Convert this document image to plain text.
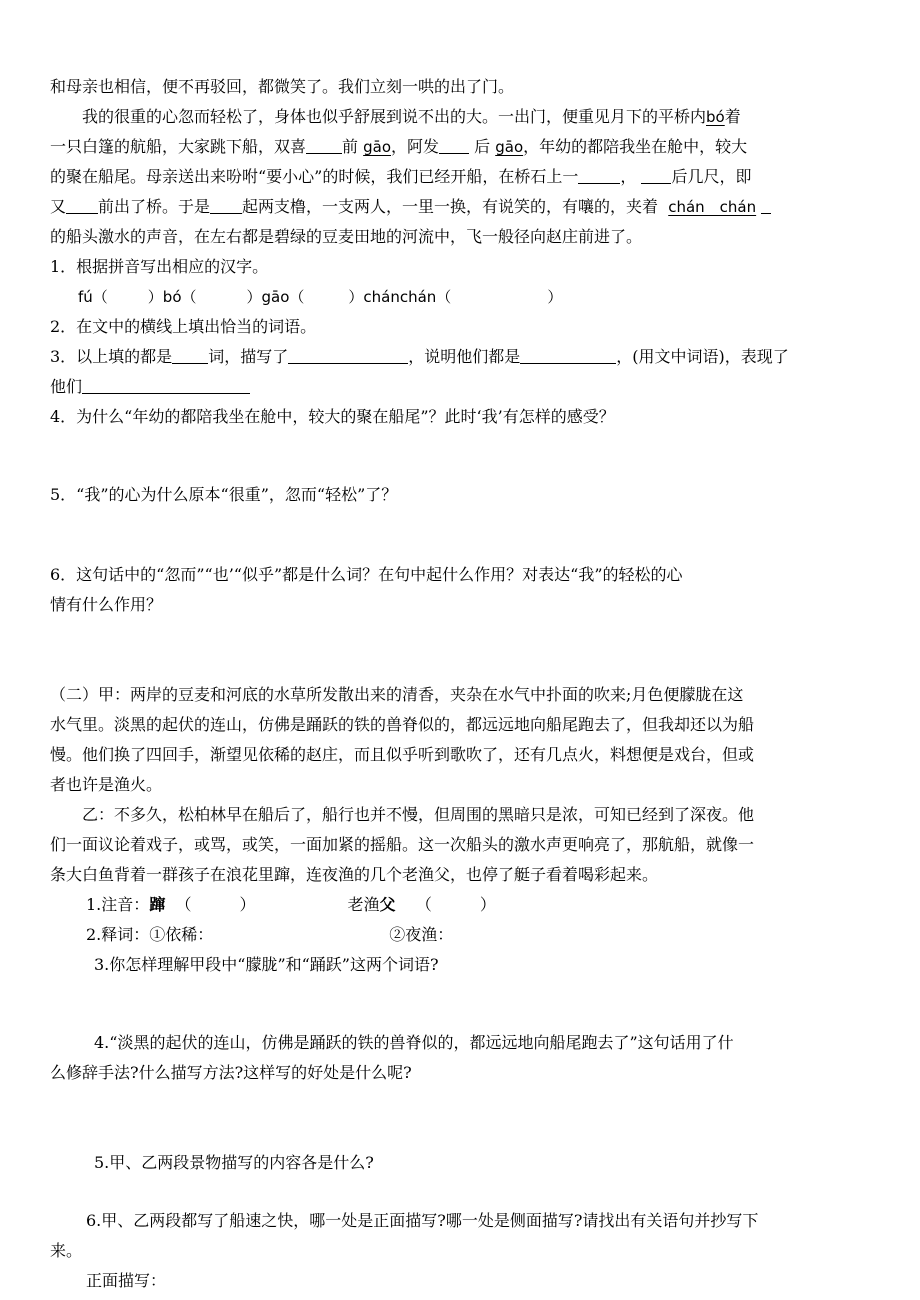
和母亲也相信，便不再驳回，都微笑了。我们立刻一哄的出了门。
我的很重的心忽而轻松了，身体也似乎舒展到说不出的大。一出门，便重见月下的平桥内bó着
一只白篷的航船，大家跳下船，双喜 前 gāo，阿发 后 gāo，年幼的都陪我坐在舱中，较大
的聚在船尾。母亲送出来吩咐“要小心”的时候，我们已经开船，在桥石上一	， 后几尺，即
又 前出了桥。于是 起两支橹，一支两人，一里一换，有说笑的，有嚷的，夹着 chán　chán
的船头激水的声音，在左右都是碧绿的豆麦田地的河流中，飞一般径向赵庄前进了。
1．根据拼音写出相应的汉字。
fú（	）bó（	）gāo（	）chánchán（	）
2．在文中的横线上填出恰当的词语。
3．以上填的都是 词，描写了	，说明他们都是	，(用文中词语)，表现了
他们
4．为什么“年幼的都陪我坐在舱中，较大的聚在船尾”？此时‘我’有怎样的感受？
5．“我”的心为什么原本“很重”，忽而“轻松”了？
6．这句话中的“忽而”“也’“似乎”都是什么词？在句中起什么作用？对表达“我”的轻松的心
情有什么作用？
（二）甲：两岸的豆麦和河底的水草所发散出来的清香，夹杂在水气中扑面的吹来;月色便朦胧在这
水气里。淡黑的起伏的连山，仿佛是踊跃的铁的兽脊似的，都远远地向船尾跑去了，但我却还以为船
慢。他们换了四回手，渐望见依稀的赵庄，而且似乎听到歌吹了，还有几点火，料想便是戏台，但或
者也许是渔火。
乙：不多久，松柏林早在船后了，船行也并不慢，但周围的黑暗只是浓，可知已经到了深夜。他
们一面议论着戏子，或骂，或笑，一面加紧的摇船。这一次船头的激水声更响亮了，那航船，就像一
条大白鱼背着一群孩子在浪花里蹿，连夜渔的几个老渔父，也停了艇子看着喝彩起来。
1.注音：蹿 （　　　）	老渔父 （　　　）
2.释词：①依稀：	②夜渔：
3.你怎样理解甲段中“朦胧”和“踊跃”这两个词语?
4.“淡黑的起伏的连山，仿佛是踊跃的铁的兽脊似的，都远远地向船尾跑去了”这句话用了什
么修辞手法?什么描写方法?这样写的好处是什么呢?
5.甲、乙两段景物描写的内容各是什么?
6.甲、乙两段都写了船速之快，哪一处是正面描写?哪一处是侧面描写?请找出有关语句并抄写下
来。
正面描写：
